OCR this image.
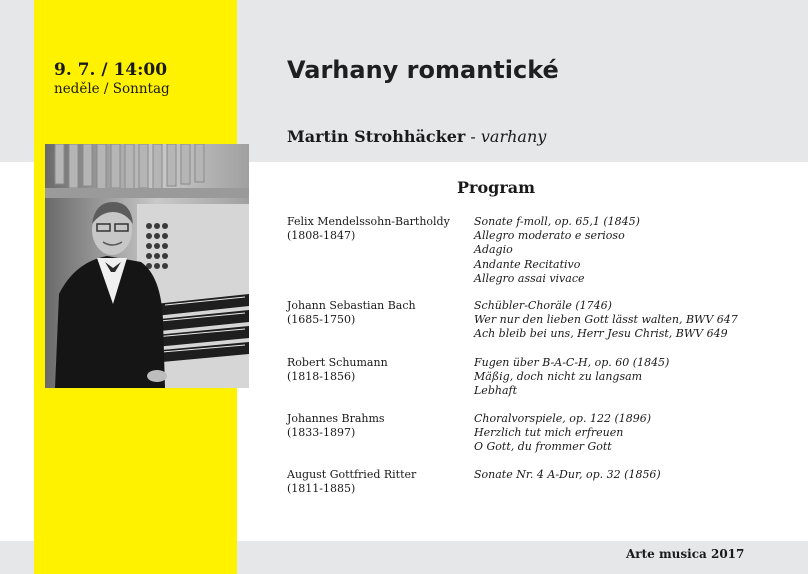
9. 7. / 14:00
neděle / Sonntag
Varhany romantické
Martin Strohhäcker - varhany
Program
Felix Mendelssohn-Bartholdy
(1808-1847)
Sonate f-moll, op. 65,1 (1845)
Allegro moderato e serioso
Adagio
Andante Recitativo
Allegro assai vivace
Johann Sebastian Bach
(1685-1750)
Schübler-Choräle (1746)
Wer nur den lieben Gott lässt walten, BWV 647
Ach bleib bei uns, Herr Jesu Christ, BWV 649
Robert Schumann
(1818-1856)
Fugen über B-A-C-H, op. 60 (1845)
Mäßig, doch nicht zu langsam
Lebhaft
Johannes Brahms
(1833-1897)
Choralvorspiele, op. 122 (1896)
Herzlich tut mich erfreuen
O Gott, du frommer Gott
August Gottfried Ritter
(1811-1885)
Sonate Nr. 4 A-Dur, op. 32 (1856)
Arte musica 2017
